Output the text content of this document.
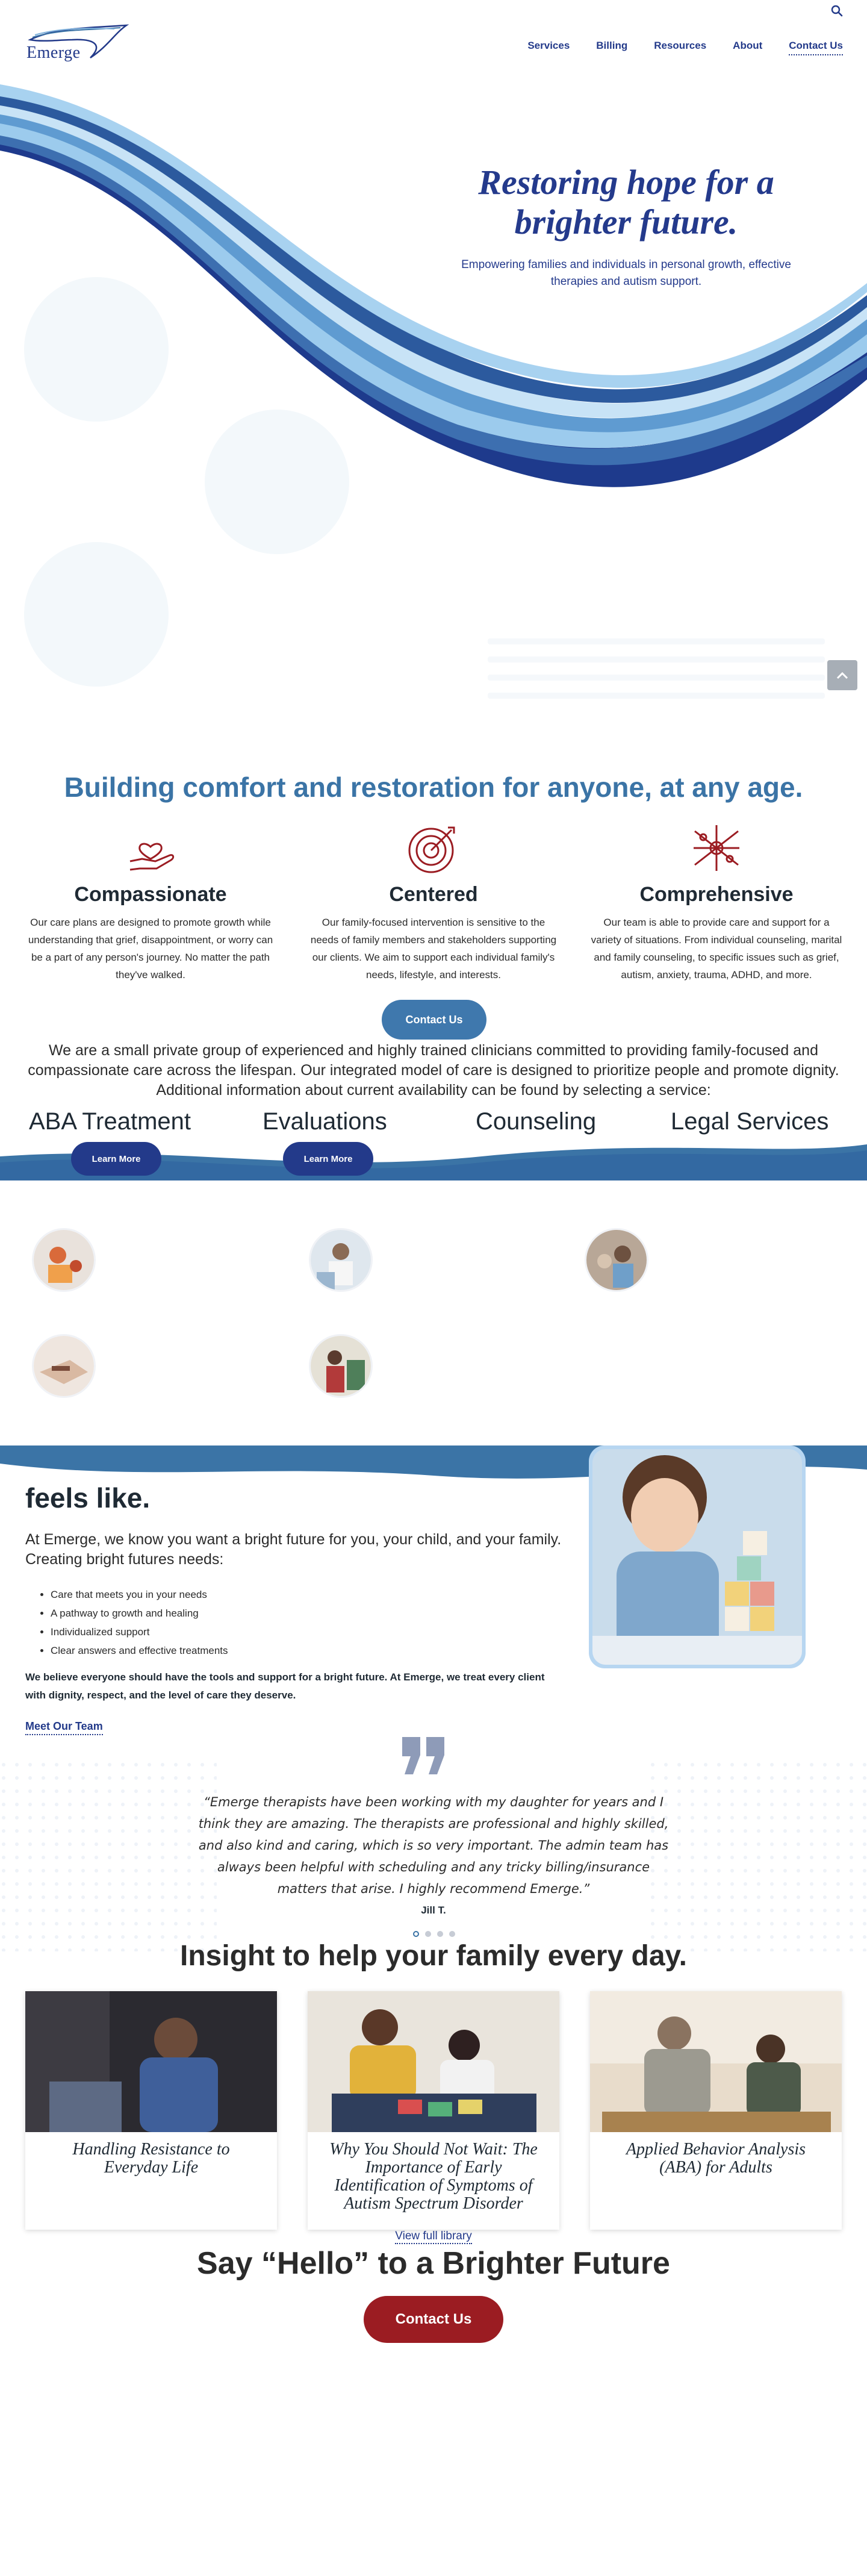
Emerge	Services	Billing	Resources	About	Contact Us
Restoring hope for a brighter future.
Empowering families and individuals in personal growth, effective therapies and autism support.
Building comfort and restoration for anyone, at any age.
Compassionate

Our care plans are designed to promote growth while understanding that grief, disappointment, or worry can be a part of any person's journey. No matter the path they've walked.

Centered

Our family-focused intervention is sensitive to the needs of family members and stakeholders supporting our clients. We aim to support each individual family's needs, lifestyle, and interests.

Comprehensive

Our team is able to provide care and support for a variety of situations. From individual counseling, marital and family counseling, to specific issues such as grief, autism, anxiety, trauma, ADHD, and more.

Contact Us

We are a small private group of experienced and highly trained clinicians committed to providing family-focused and compassionate care across the lifespan. Our integrated model of care is designed to prioritize people and promote dignity. Additional information about current availability can be found by selecting a service:

ABA Treatment	Evaluations	Counseling	Legal Services
Learn More	Learn More
feels like.

At Emerge, we know you want a bright future for you, your child, and your family. Creating bright futures needs:

• Care that meets you in your needs
• A pathway to growth and healing
• Individualized support
• Clear answers and effective treatments

We believe everyone should have the tools and support for a bright future. At Emerge, we treat every client with dignity, respect, and the level of care they deserve.

Meet Our Team

“Emerge therapists have been working with my daughter for years and I think they are amazing. The therapists are professional and highly skilled, and also kind and caring, which is so very important. The admin team has always been helpful with scheduling and any tricky billing/insurance matters that arise. I highly recommend Emerge.”

Jill T.
Insight to help your family every day.
Handling Resistance to Everyday Life
Why You Should Not Wait: The Importance of Early Identification of Symptoms of Autism Spectrum Disorder
Applied Behavior Analysis (ABA) for Adults
View full library
Say “Hello” to a Brighter Future
Contact Us
